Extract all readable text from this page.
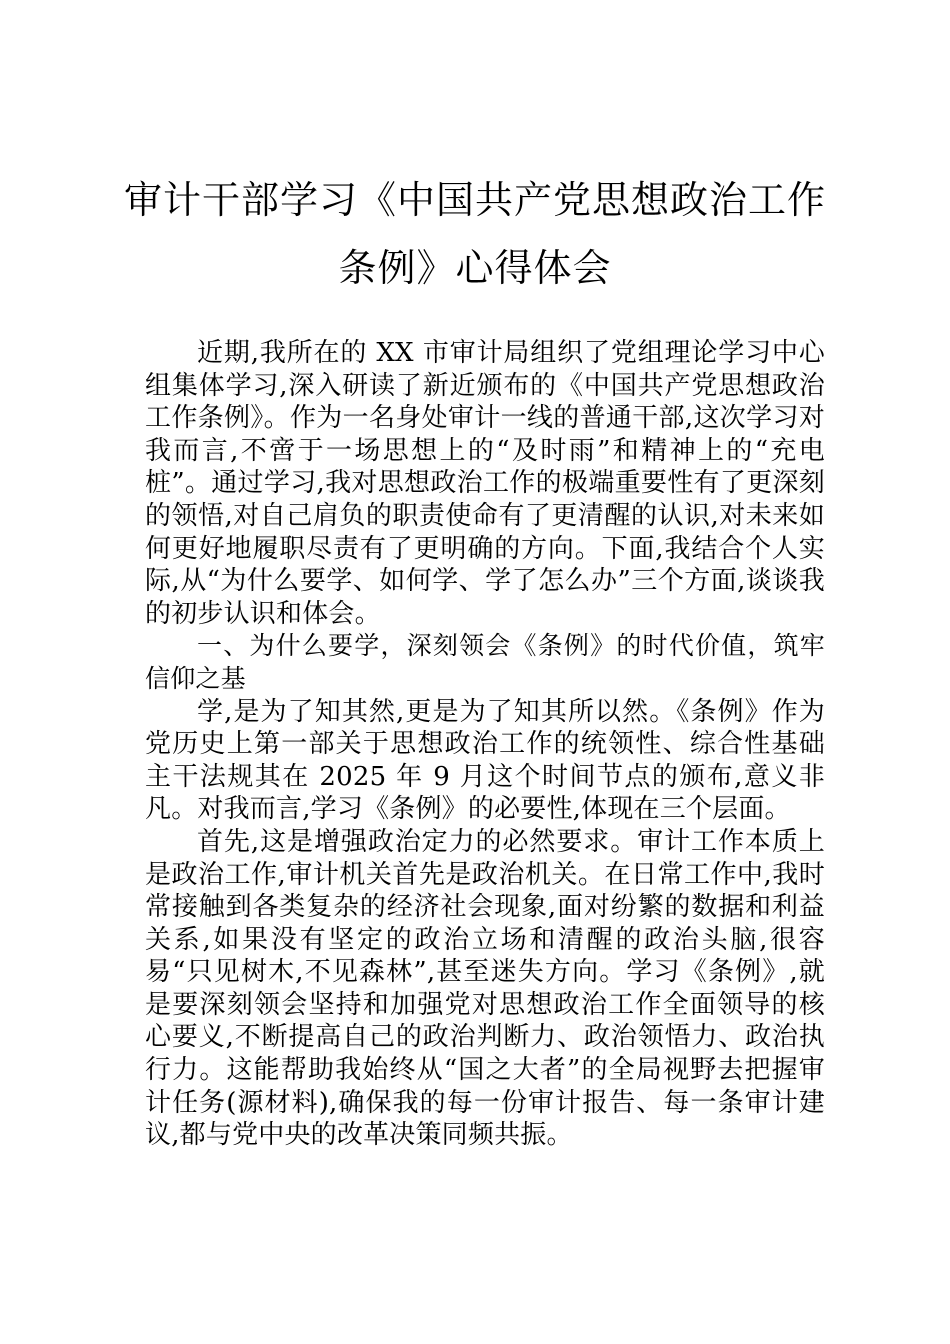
审计干部学习《中国共产党思想政治工作
条例》心得体会

近期,我所在的 XX 市审计局组织了党组理论学习中心组集体学习,深入研读了新近颁布的《中国共产党思想政治工作条例》。作为一名身处审计一线的普通干部,这次学习对我而言,不啻于一场思想上的“及时雨”和精神上的“充电桩”。通过学习,我对思想政治工作的极端重要性有了更深刻的领悟,对自己肩负的职责使命有了更清醒的认识,对未来如何更好地履职尽责有了更明确的方向。下面,我结合个人实际,从“为什么要学、如何学、学了怎么办”三个方面,谈谈我的初步认识和体会。

一、为什么要学，深刻领会《条例》的时代价值，筑牢信仰之基

学,是为了知其然,更是为了知其所以然。《条例》作为党历史上第一部关于思想政治工作的统领性、综合性基础主干法规其在 2025 年 9 月这个时间节点的颁布,意义非凡。对我而言,学习《条例》的必要性,体现在三个层面。

首先,这是增强政治定力的必然要求。审计工作本质上是政治工作,审计机关首先是政治机关。在日常工作中,我时常接触到各类复杂的经济社会现象,面对纷繁的数据和利益关系,如果没有坚定的政治立场和清醒的政治头脑,很容易“只见树木,不见森林”,甚至迷失方向。学习《条例》,就是要深刻领会坚持和加强党对思想政治工作全面领导的核心要义,不断提高自己的政治判断力、政治领悟力、政治执行力。这能帮助我始终从“国之大者”的全局视野去把握审计任务(源材料),确保我的每一份审计报告、每一条审计建议,都与党中央的改革决策同频共振。
